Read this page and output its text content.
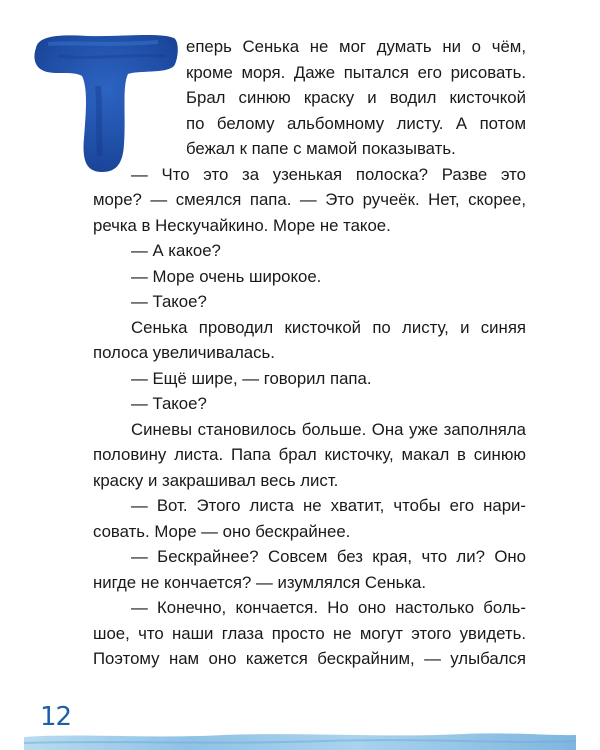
еперь Сенька не мог думать ни о чём,
кроме моря. Даже пытался его рисовать.
Брал синюю краску и водил кисточкой
по белому альбомному листу. А потом
бежал к папе с мамой показывать.
— Что это за узенькая полоска? Разве это
море? — смеялся папа. — Это ручеёк. Нет, скорее,
речка в Нескучайкино. Море не такое.
— А какое?
— Море очень широкое.
— Такое?
Сенька проводил кисточкой по листу, и синяя
полоса увеличивалась.
— Ещё шире, — говорил папа.
— Такое?
Синевы становилось больше. Она уже заполняла
половину листа. Папа брал кисточку, макал в синюю
краску и закрашивал весь лист.
— Вот. Этого листа не хватит, чтобы его нари-
совать. Море — оно бескрайнее.
— Бескрайнее? Совсем без края, что ли? Оно
нигде не кончается? — изумлялся Сенька.
— Конечно, кончается. Но оно настолько боль-
шое, что наши глаза просто не могут этого увидеть.
Поэтому нам оно кажется бескрайним, — улыбался
12
